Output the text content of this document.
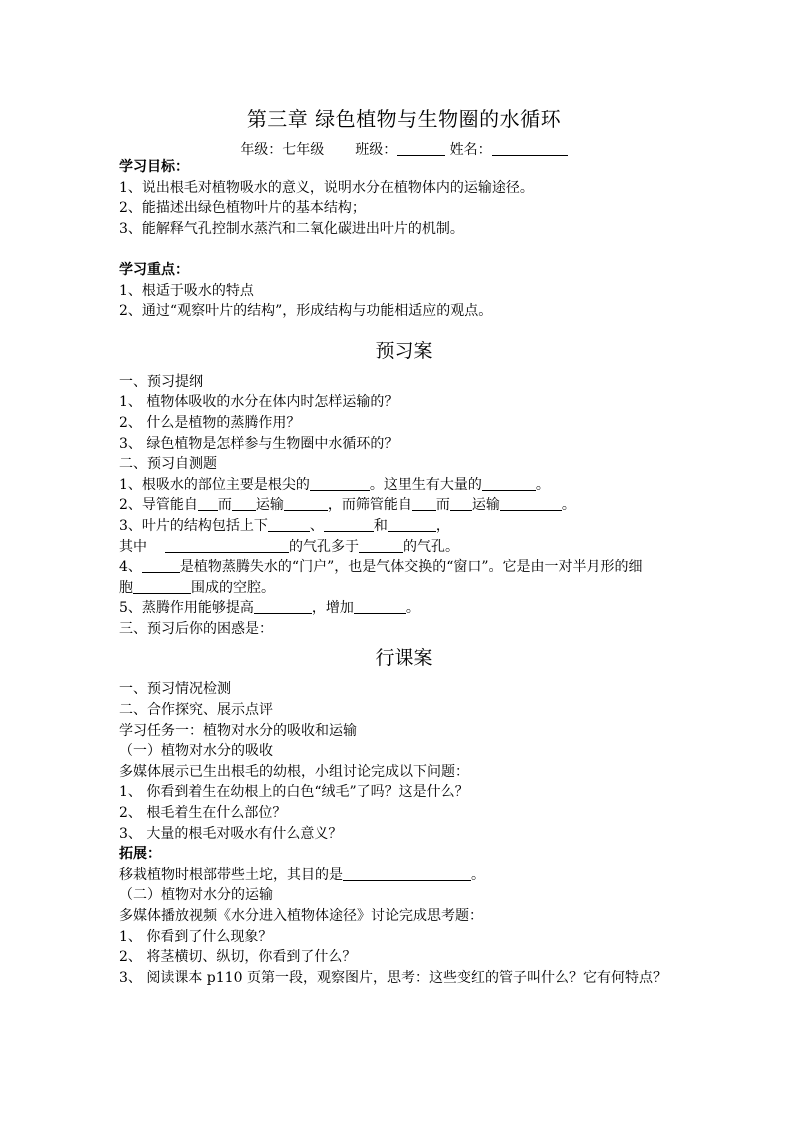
第三章 绿色植物与生物圈的水循环

年级：七年级 班级：	姓名：

学习目标：

1、说出根毛对植物吸水的意义，说明水分在植物体内的运输途径。

2、能描述出绿色植物叶片的基本结构；

3、能解释气孔控制水蒸汽和二氧化碳进出叶片的机制。

学习重点：

1、根适于吸水的特点

2、通过“观察叶片的结构”，形成结构与功能相适应的观点。

预习案

一、预习提纲

1、 植物体吸收的水分在体内时怎样运输的？

2、 什么是植物的蒸腾作用？

3、 绿色植物是怎样参与生物圈中水循环的？

二、预习自测题

1、根吸水的部位主要是根尖的	。这里生有大量的	。

2、导管能自 而 运输	，而筛管能自 而 运输	。

3、叶片的结构包括上下	、	和	，

其中	的气孔多于	的气孔。

4、	是植物蒸腾失水的“门户”，也是气体交换的“窗口”。它是由一对半月形的细

胞	围成的空腔。

5、蒸腾作用能够提高	，增加	。

三、预习后你的困惑是：

行课案

一、预习情况检测

二、合作探究、展示点评

学习任务一：植物对水分的吸收和运输

（一）植物对水分的吸收

多媒体展示已生出根毛的幼根，小组讨论完成以下问题：

1、 你看到着生在幼根上的白色“绒毛”了吗？这是什么？

2、 根毛着生在什么部位？

3、 大量的根毛对吸水有什么意义？

拓展：

移栽植物时根部带些土坨，其目的是	。

（二）植物对水分的运输

多媒体播放视频《水分进入植物体途径》讨论完成思考题：

1、 你看到了什么现象？

2、 将茎横切、纵切，你看到了什么？

3、 阅读课本 p110 页第一段，观察图片，思考：这些变红的管子叫什么？它有何特点？
